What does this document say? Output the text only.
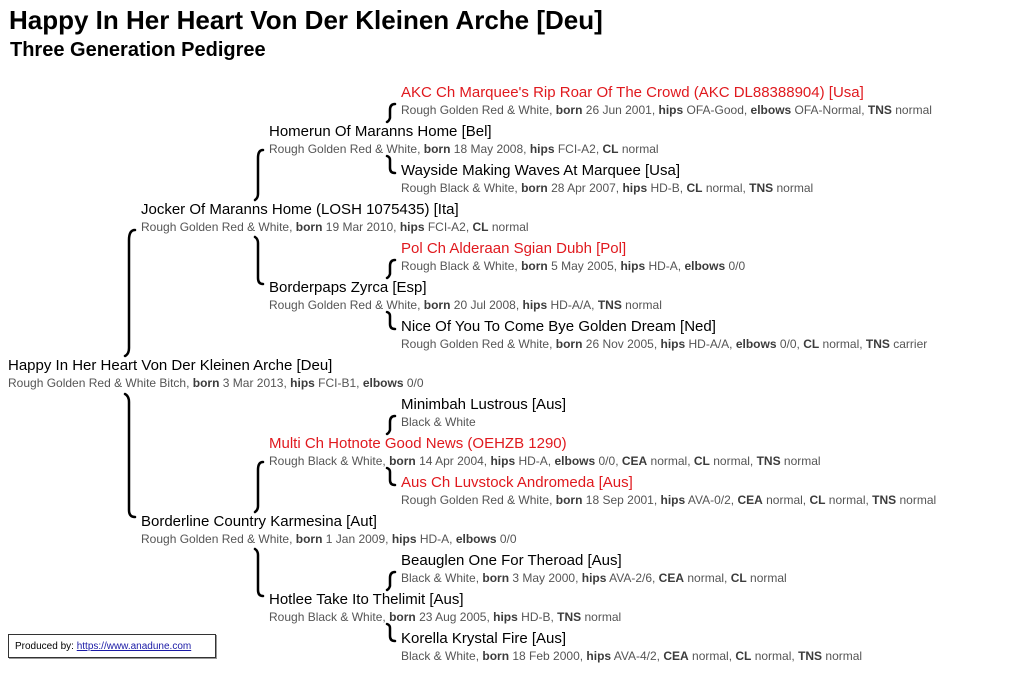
Happy In Her Heart Von Der Kleinen Arche [Deu]
Three Generation Pedigree
AKC Ch Marquee's Rip Roar Of The Crowd (AKC DL88388904) [Usa]
Rough Golden Red & White, born 26 Jun 2001, hips OFA-Good, elbows OFA-Normal, TNS normal
Wayside Making Waves At Marquee [Usa]
Rough Black & White, born 28 Apr 2007, hips HD-B, CL normal, TNS normal
Pol Ch Alderaan Sgian Dubh [Pol]
Rough Black & White, born 5 May 2005, hips HD-A, elbows 0/0
Nice Of You To Come Bye Golden Dream [Ned]
Rough Golden Red & White, born 26 Nov 2005, hips HD-A/A, elbows 0/0, CL normal, TNS carrier
Minimbah Lustrous [Aus]
Black & White
Aus Ch Luvstock Andromeda [Aus]
Rough Golden Red & White, born 18 Sep 2001, hips AVA-0/2, CEA normal, CL normal, TNS normal
Beauglen One For Theroad [Aus]
Black & White, born 3 May 2000, hips AVA-2/6, CEA normal, CL normal
Korella Krystal Fire [Aus]
Black & White, born 18 Feb 2000, hips AVA-4/2, CEA normal, CL normal, TNS normal
Homerun Of Maranns Home [Bel]
Rough Golden Red & White, born 18 May 2008, hips FCI-A2, CL normal
Borderpaps Zyrca [Esp]
Rough Golden Red & White, born 20 Jul 2008, hips HD-A/A, TNS normal
Multi Ch Hotnote Good News (OEHZB 1290)
Rough Black & White, born 14 Apr 2004, hips HD-A, elbows 0/0, CEA normal, CL normal, TNS normal
Hotlee Take Ito Thelimit [Aus]
Rough Black & White, born 23 Aug 2005, hips HD-B, TNS normal
Jocker Of Maranns Home (LOSH 1075435) [Ita]
Rough Golden Red & White, born 19 Mar 2010, hips FCI-A2, CL normal
Borderline Country Karmesina [Aut]
Rough Golden Red & White, born 1 Jan 2009, hips HD-A, elbows 0/0
Happy In Her Heart Von Der Kleinen Arche [Deu]
Rough Golden Red & White Bitch, born 3 Mar 2013, hips FCI-B1, elbows 0/0
Produced by: https://www.anadune.com
